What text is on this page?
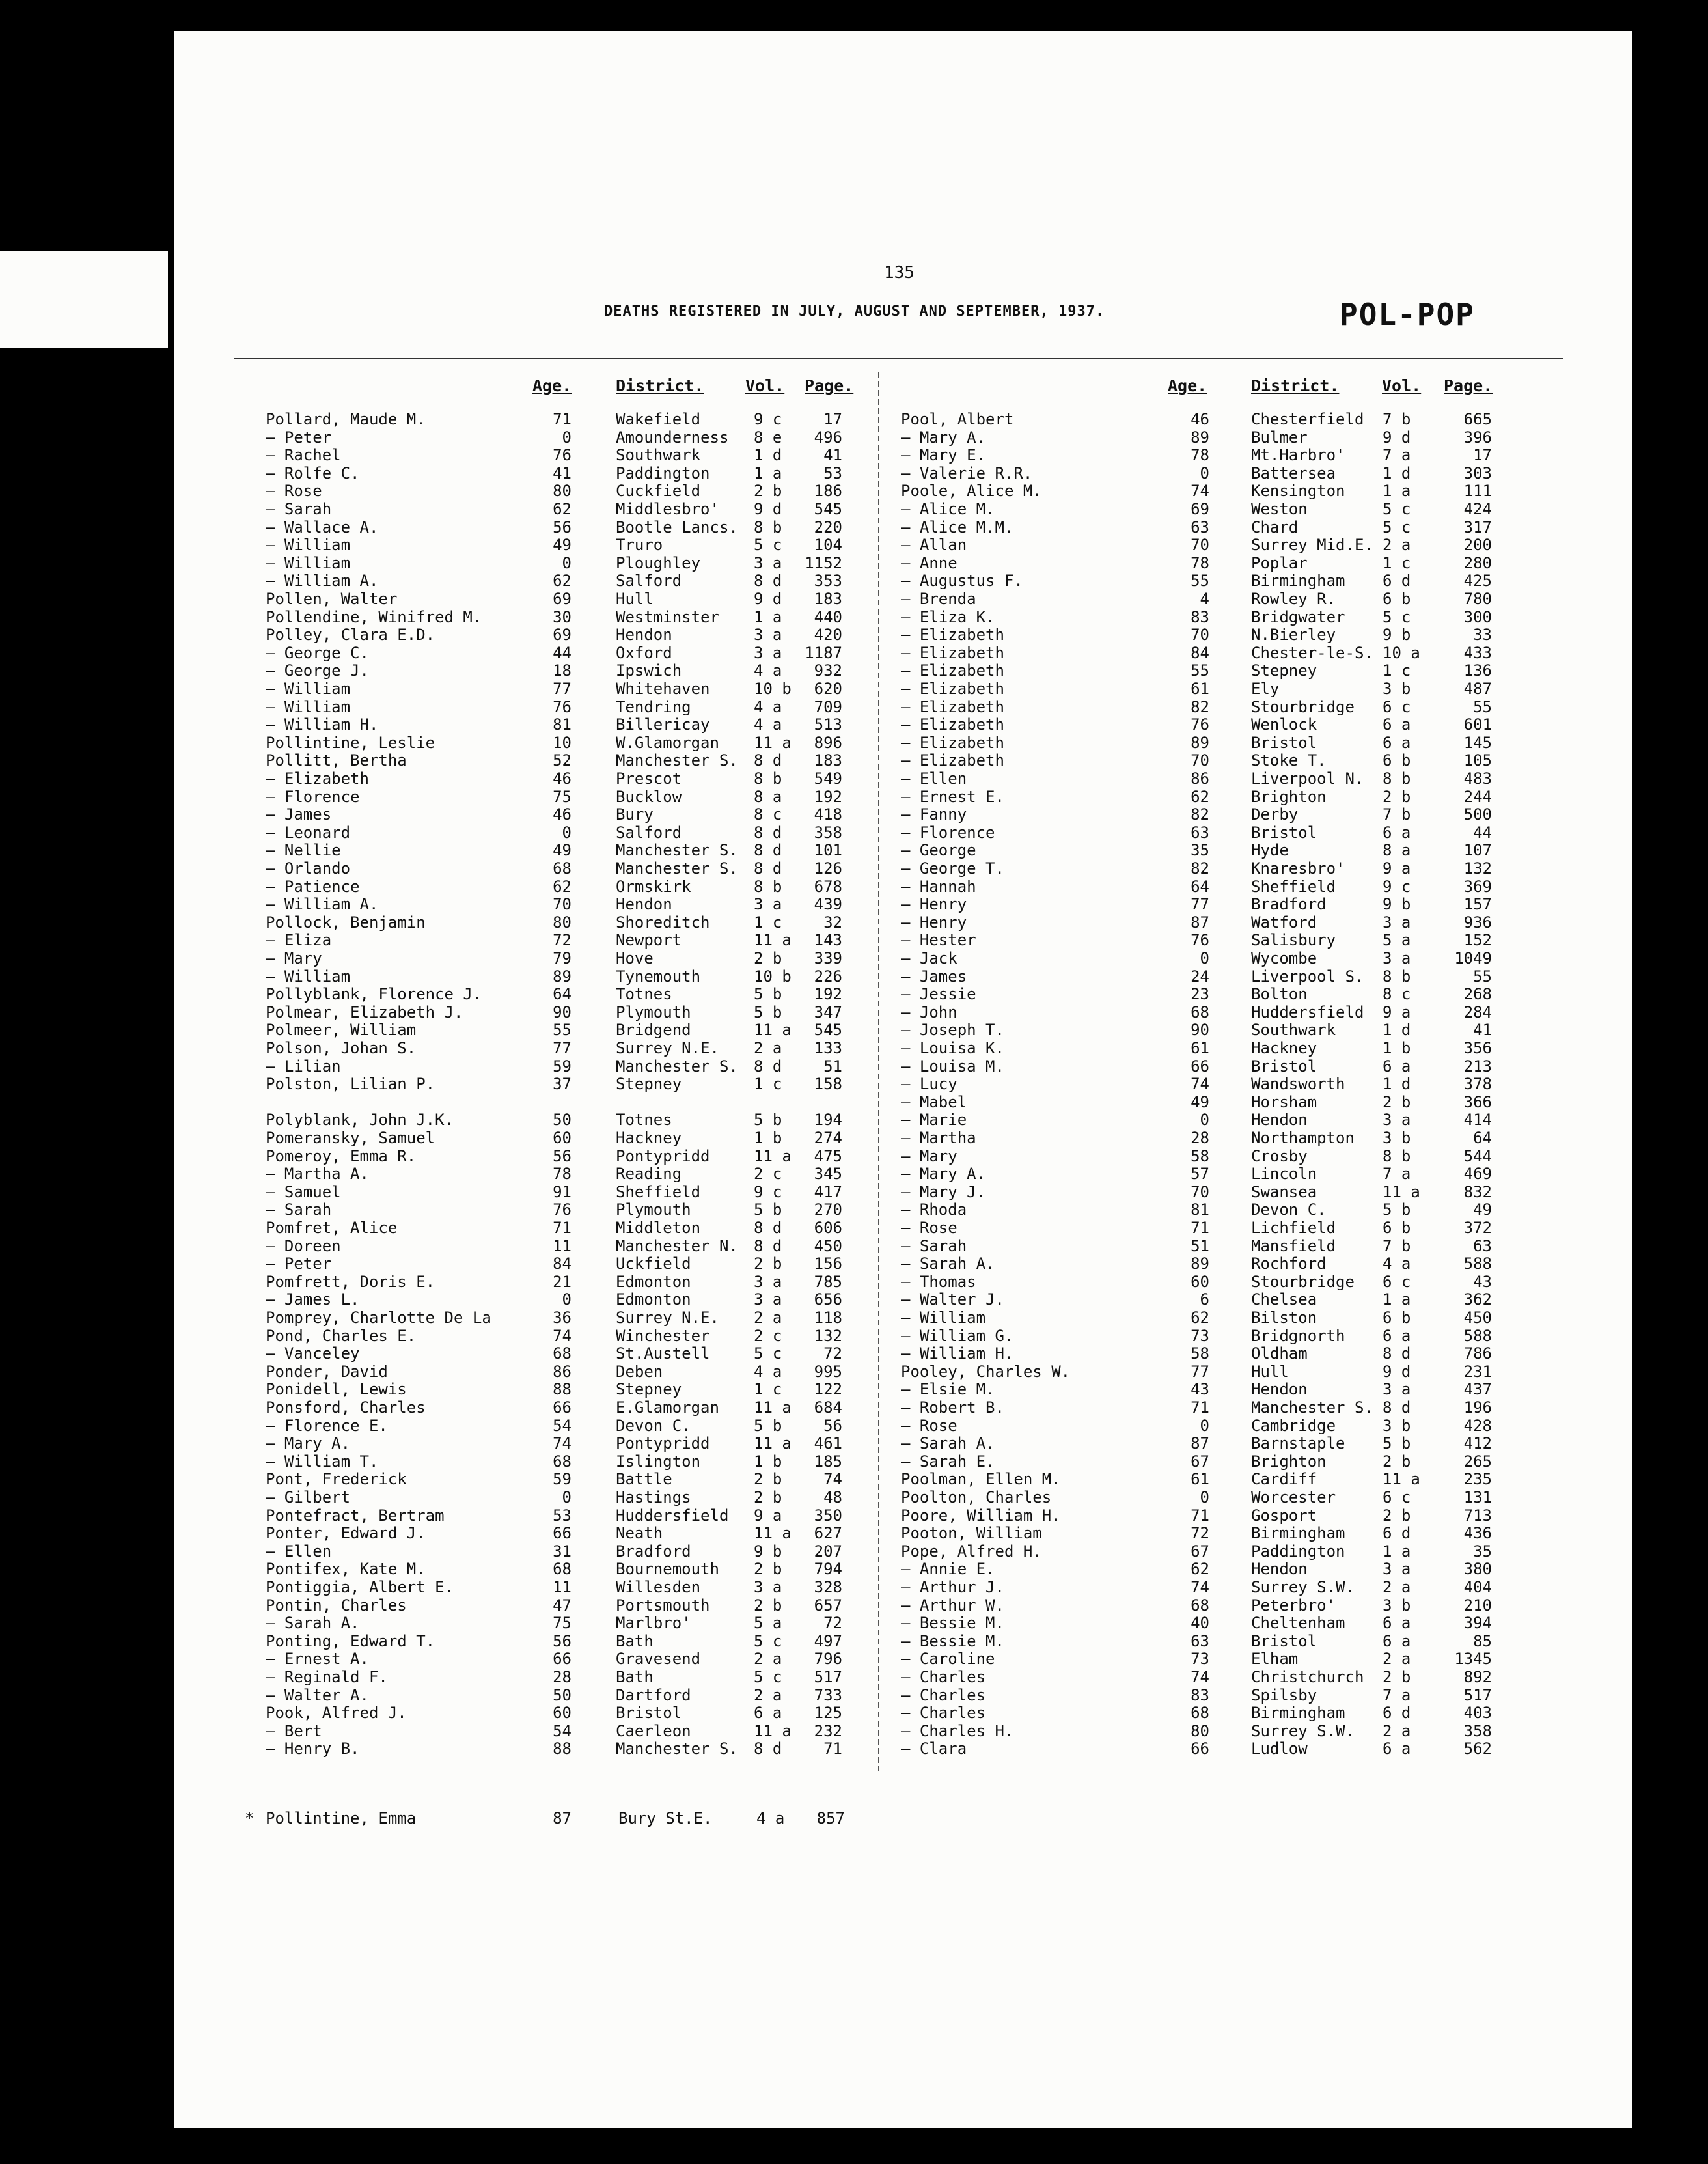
135
DEATHS REGISTERED IN JULY, AUGUST AND SEPTEMBER, 1937.	POL-POP
Age.	District.	Vol. Page.	Age.	District.	Vol. Page.
Pollard, Maude M.	71	Wakefield	9 c	17
— Peter	0	Amounderness 8 e	496
— Rachel	76	Southwark	1 d	41
— Rolfe C.	41	Paddington	1 a	53
— Rose	80	Cuckfield	2 b	186
— Sarah	62	Middlesbro' 9 d	545
— Wallace A.	56	Bootle Lancs. 8 b	220
— William	49	Truro	5 c	104
— William	0	Ploughley	3 a	1152
— William A.	62	Salford	8 d	353
Pollen, Walter	69	Hull	9 d	183
Pollendine, Winifred M.	30	Westminster 1 a	440
Polley, Clara E.D.	69	Hendon	3 a	420
— George C.	44	Oxford	3 a	1187
— George J.	18	Ipswich	4 a	932
— William	77	Whitehaven	10 b	620
— William	76	Tendring	4 a	709
— William H.	81	Billericay	4 a	513
Pollintine, Leslie	10	W.Glamorgan 11 a	896
Pollitt, Bertha	52	Manchester S. 8 d	183
— Elizabeth	46	Prescot	8 b	549
— Florence	75	Bucklow	8 a	192
— James	46	Bury	8 c	418
— Leonard	0	Salford	8 d	358
— Nellie	49	Manchester S. 8 d	101
— Orlando	68	Manchester S. 8 d	126
— Patience	62	Ormskirk	8 b	678
— William A.	70	Hendon	3 a	439
Pollock, Benjamin	80	Shoreditch	1 c	32
— Eliza	72	Newport	11 a	143
— Mary	79	Hove	2 b	339
— William	89	Tynemouth	10 b	226
Pollyblank, Florence J.	64	Totnes	5 b	192
Polmear, Elizabeth J.	90	Plymouth	5 b	347
Polmeer, William	55	Bridgend	11 a	545
Polson, Johan S.	77	Surrey N.E. 2 a	133
— Lilian	59	Manchester S. 8 d	51
Polston, Lilian P.	37	Stepney	1 c	158
Polyblank, John J.K.	50	Totnes	5 b	194
Pomeransky, Samuel	60	Hackney	1 b	274
Pomeroy, Emma R.	56	Pontypridd	11 a	475
— Martha A.	78	Reading	2 c	345
— Samuel	91	Sheffield	9 c	417
— Sarah	76	Plymouth	5 b	270
Pomfret, Alice	71	Middleton	8 d	606
— Doreen	11	Manchester N. 8 d	450
— Peter	84	Uckfield	2 b	156
Pomfrett, Doris E.	21	Edmonton	3 a	785
— James L.	0	Edmonton	3 a	656
Pomprey, Charlotte De La	36	Surrey N.E. 2 a	118
Pond, Charles E.	74	Winchester	2 c	132
— Vanceley	68	St.Austell	5 c	72
Ponder, David	86	Deben	4 a	995
Ponidell, Lewis	88	Stepney	1 c	122
Ponsford, Charles	66	E.Glamorgan 11 a	684
— Florence E.	54	Devon C.	5 b	56
— Mary A.	74	Pontypridd	11 a	461
— William T.	68	Islington	1 b	185
Pont, Frederick	59	Battle	2 b	74
— Gilbert	0	Hastings	2 b	48
Pontefract, Bertram	53	Huddersfield 9 a	350
Ponter, Edward J.	66	Neath	11 a	627
— Ellen	31	Bradford	9 b	207
Pontifex, Kate M.	68	Bournemouth 2 b	794
Pontiggia, Albert E.	11	Willesden	3 a	328
Pontin, Charles	47	Portsmouth	2 b	657
— Sarah A.	75	Marlbro'	5 a	72
Ponting, Edward T.	56	Bath	5 c	497
— Ernest A.	66	Gravesend	2 a	796
— Reginald F.	28	Bath	5 c	517
— Walter A.	50	Dartford	2 a	733
Pook, Alfred J.	60	Bristol	6 a	125
— Bert	54	Caerleon	11 a	232
— Henry B.	88	Manchester S. 8 d	71
Pool, Albert	46	Chesterfield 7 b	665
— Mary A.	89	Bulmer	9 d	396
— Mary E.	78	Mt.Harbro' 7 a	17
— Valerie R.R.	0	Battersea	1 d	303
Poole, Alice M.	74	Kensington 1 a	111
— Alice M.	69	Weston	5 c	424
— Alice M.M.	63	Chard	5 c	317
— Allan	70	Surrey Mid.E. 2 a	200
— Anne	78	Poplar	1 c	280
— Augustus F.	55	Birmingham 6 d	425
— Brenda	4	Rowley R.	6 b	780
— Eliza K.	83	Bridgwater 5 c	300
— Elizabeth	70	N.Bierley	9 b	33
— Elizabeth	84	Chester-le-S. 10 a	433
— Elizabeth	55	Stepney	1 c	136
— Elizabeth	61	Ely	3 b	487
— Elizabeth	82	Stourbridge 6 c	55
— Elizabeth	76	Wenlock	6 a	601
— Elizabeth	89	Bristol	6 a	145
— Elizabeth	70	Stoke T.	6 b	105
— Ellen	86	Liverpool N. 8 b	483
— Ernest E.	62	Brighton	2 b	244
— Fanny	82	Derby	7 b	500
— Florence	63	Bristol	6 a	44
— George	35	Hyde	8 a	107
— George T.	82	Knaresbro' 9 a	132
— Hannah	64	Sheffield	9 c	369
— Henry	77	Bradford	9 b	157
— Henry	87	Watford	3 a	936
— Hester	76	Salisbury	5 a	152
— Jack	0	Wycombe	3 a	1049
— James	24	Liverpool S. 8 b	55
— Jessie	23	Bolton	8 c	268
— John	68	Huddersfield 9 a	284
— Joseph T.	90	Southwark	1 d	41
— Louisa K.	61	Hackney	1 b	356
— Louisa M.	66	Bristol	6 a	213
— Lucy	74	Wandsworth 1 d	378
— Mabel	49	Horsham	2 b	366
— Marie	0	Hendon	3 a	414
— Martha	28	Northampton 3 b	64
— Mary	58	Crosby	8 b	544
— Mary A.	57	Lincoln	7 a	469
— Mary J.	70	Swansea	11 a	832
— Rhoda	81	Devon C.	5 b	49
— Rose	71	Lichfield	6 b	372
— Sarah	51	Mansfield	7 b	63
— Sarah A.	89	Rochford	4 a	588
— Thomas	60	Stourbridge 6 c	43
— Walter J.	6	Chelsea	1 a	362
— William	62	Bilston	6 b	450
— William G.	73	Bridgnorth 6 a	588
— William H.	58	Oldham	8 d	786
Pooley, Charles W.	77	Hull	9 d	231
— Elsie M.	43	Hendon	3 a	437
— Robert B.	71	Manchester S. 8 d	196
— Rose	0	Cambridge	3 b	428
— Sarah A.	87	Barnstaple 5 b	412
— Sarah E.	67	Brighton	2 b	265
Poolman, Ellen M.	61	Cardiff	11 a	235
Poolton, Charles	0	Worcester	6 c	131
Poore, William H.	71	Gosport	2 b	713
Pooton, William	72	Birmingham 6 d	436
Pope, Alfred H.	67	Paddington 1 a	35
— Annie E.	62	Hendon	3 a	380
— Arthur J.	74	Surrey S.W. 2 a	404
— Arthur W.	68	Peterbro'	3 b	210
— Bessie M.	40	Cheltenham 6 a	394
— Bessie M.	63	Bristol	6 a	85
— Caroline	73	Elham	2 a	1345
— Charles	74	Christchurch 2 b	892
— Charles	83	Spilsby	7 a	517
— Charles	68	Birmingham 6 d	403
— Charles H.	80	Surrey S.W. 2 a	358
— Clara	66	Ludlow	6 a	562
* Pollintine, Emma	87	Bury St.E.	4 a	857
